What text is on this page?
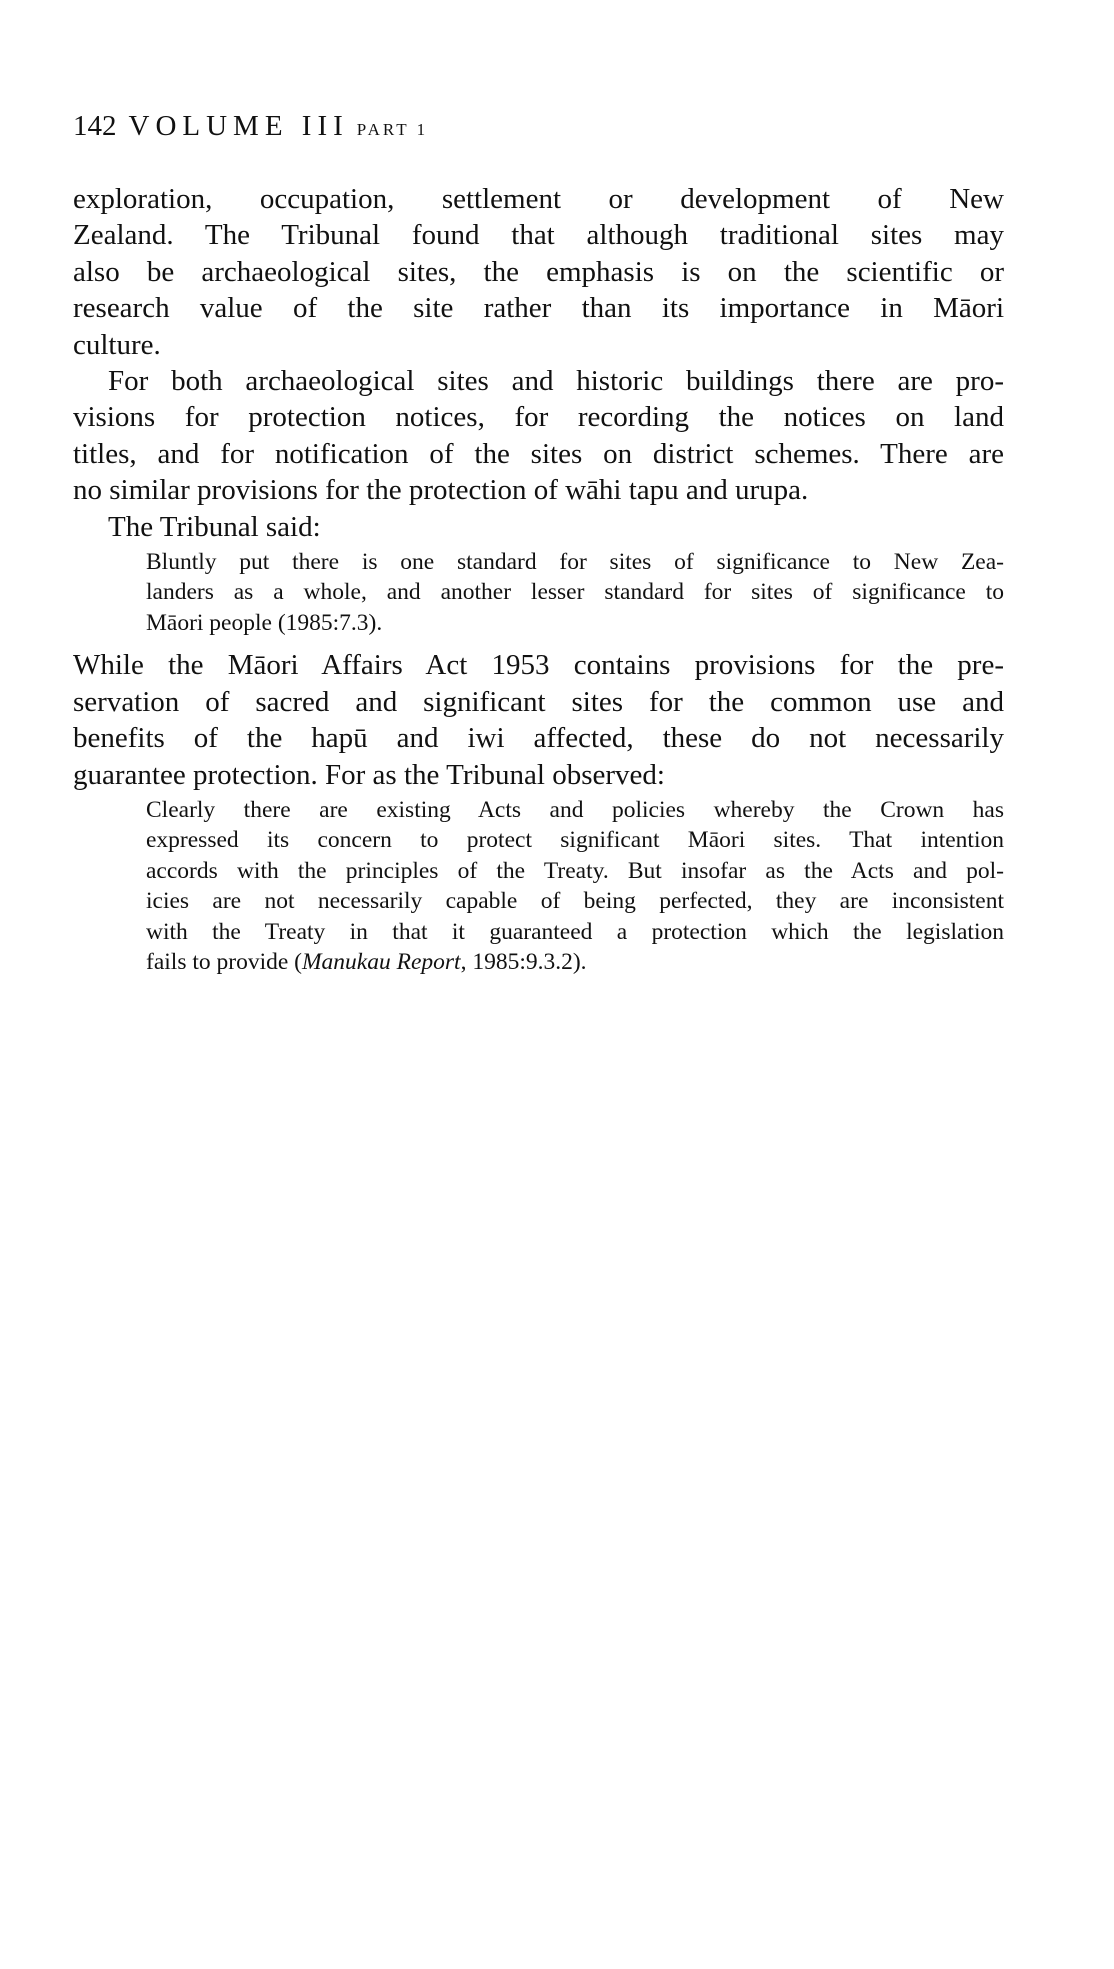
142 VOLUME III PART 1
exploration, occupation, settlement or development of New
Zealand. The Tribunal found that although traditional sites may
also be archaeological sites, the emphasis is on the scientific or
research value of the site rather than its importance in Māori
culture.
For both archaeological sites and historic buildings there are pro-
visions for protection notices, for recording the notices on land
titles, and for notification of the sites on district schemes. There are
no similar provisions for the protection of wāhi tapu and urupa.
The Tribunal said:
Bluntly put there is one standard for sites of significance to New Zea-
landers as a whole, and another lesser standard for sites of significance to
Māori people (1985:7.3).
While the Māori Affairs Act 1953 contains provisions for the pre-
servation of sacred and significant sites for the common use and
benefits of the hapū and iwi affected, these do not necessarily
guarantee protection. For as the Tribunal observed:
Clearly there are existing Acts and policies whereby the Crown has
expressed its concern to protect significant Māori sites. That intention
accords with the principles of the Treaty. But insofar as the Acts and pol-
icies are not necessarily capable of being perfected, they are inconsistent
with the Treaty in that it guaranteed a protection which the legislation
fails to provide (Manukau Report, 1985:9.3.2).
